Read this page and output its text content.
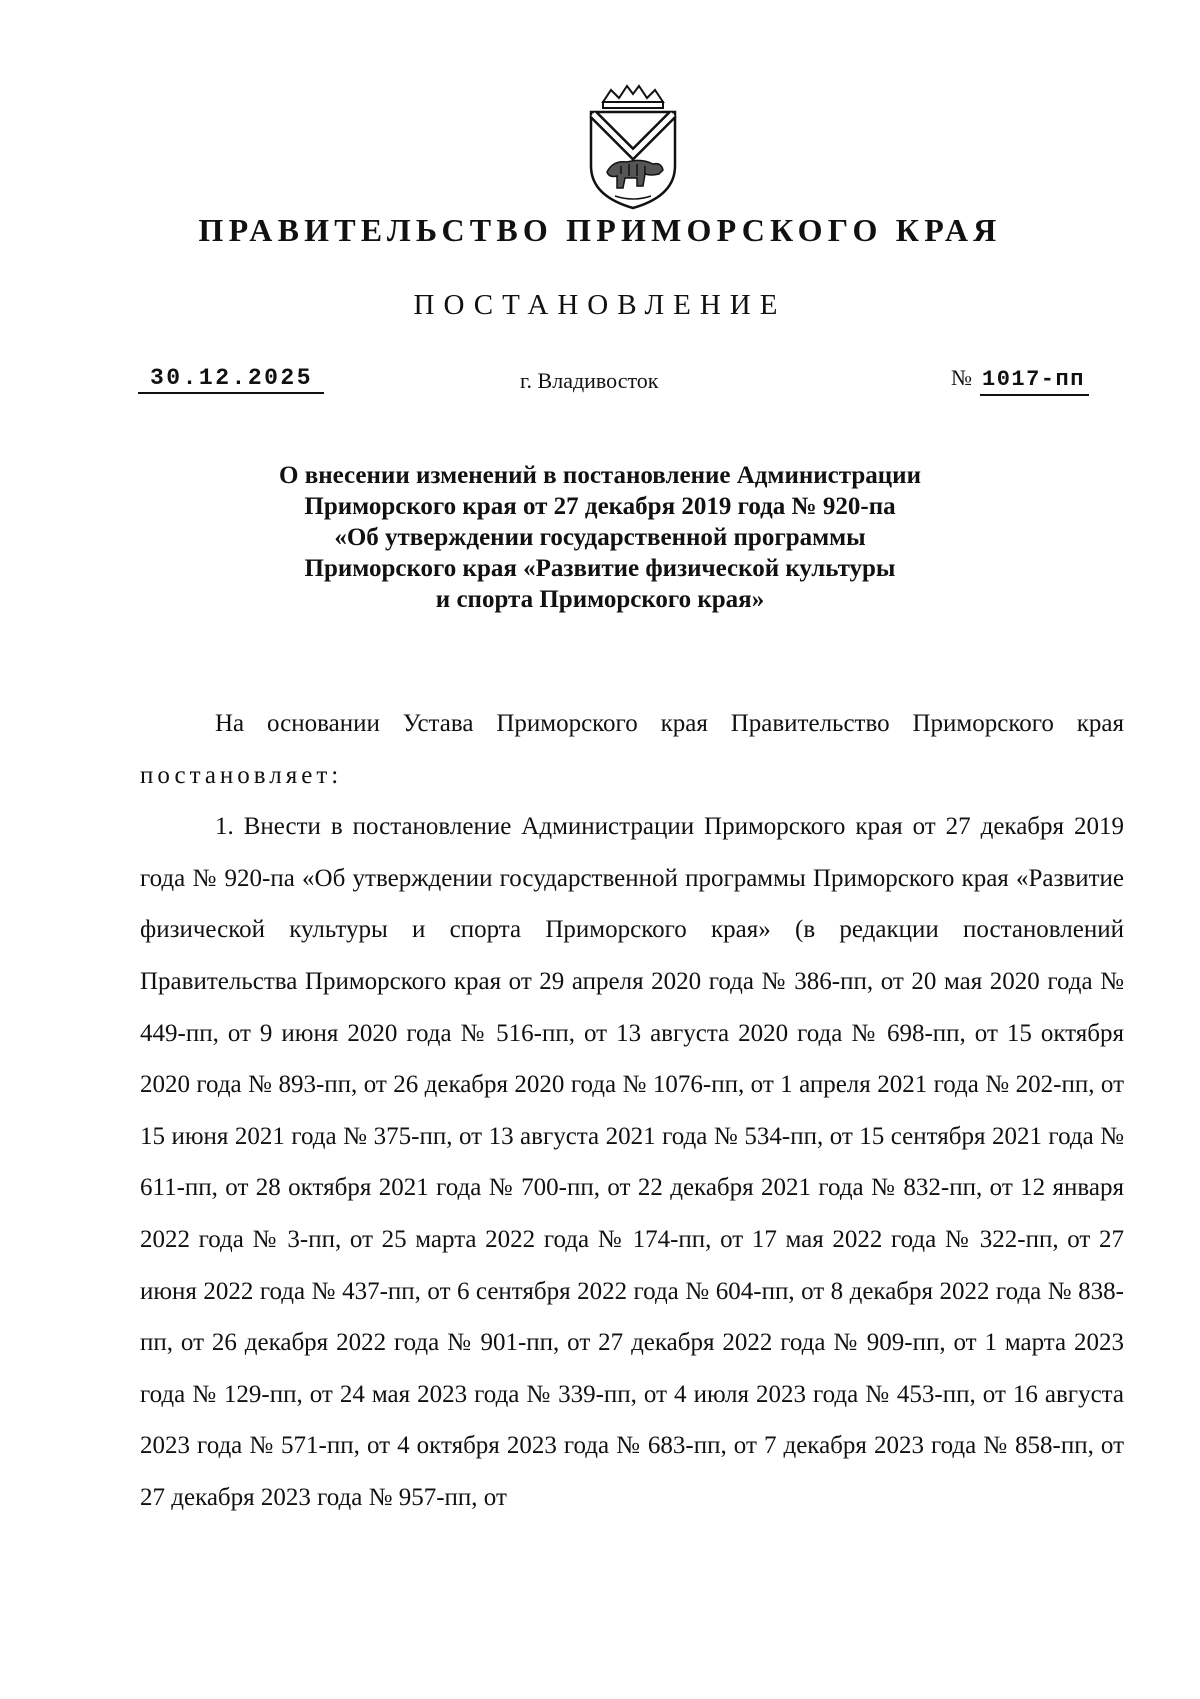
ПРАВИТЕЛЬСТВО ПРИМОРСКОГО КРАЯ
ПОСТАНОВЛЕНИЕ
30.12.2025	г. Владивосток	№ 1017-пп
О внесении изменений в постановление Администрации
Приморского края от 27 декабря 2019 года № 920-па
«Об утверждении государственной программы
Приморского края «Развитие физической культуры
и спорта Приморского края»

На основании Устава Приморского края Правительство Приморского края постановляет:

1. Внести в постановление Администрации Приморского края от 27 декабря 2019 года № 920-па «Об утверждении государственной программы Приморского края «Развитие физической культуры и спорта Приморского края» (в редакции постановлений Правительства Приморского края от 29 апреля 2020 года № 386-пп, от 20 мая 2020 года № 449-пп, от 9 июня 2020 года № 516-пп, от 13 августа 2020 года № 698-пп, от 15 октября 2020 года № 893-пп, от 26 декабря 2020 года № 1076-пп, от 1 апреля 2021 года № 202-пп, от 15 июня 2021 года № 375-пп, от 13 августа 2021 года № 534-пп, от 15 сентября 2021 года № 611-пп, от 28 октября 2021 года № 700-пп, от 22 декабря 2021 года № 832-пп, от 12 января 2022 года № 3-пп, от 25 марта 2022 года № 174-пп, от 17 мая 2022 года № 322-пп, от 27 июня 2022 года № 437-пп, от 6 сентября 2022 года № 604-пп, от 8 декабря 2022 года № 838-пп, от 26 декабря 2022 года № 901-пп, от 27 декабря 2022 года № 909-пп, от 1 марта 2023 года № 129-пп, от 24 мая 2023 года № 339-пп, от 4 июля 2023 года № 453-пп, от 16 августа 2023 года № 571-пп, от 4 октября 2023 года № 683-пп, от 7 декабря 2023 года № 858-пп, от 27 декабря 2023 года № 957-пп, от
